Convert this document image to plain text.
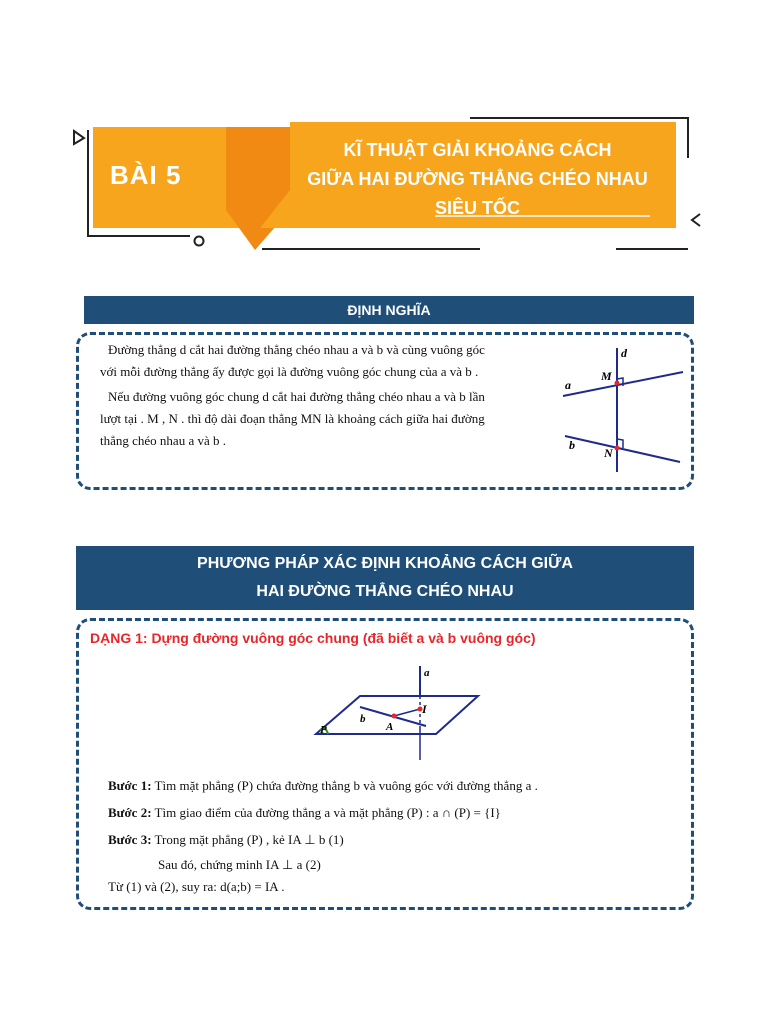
BÀI 5
KĨ THUẬT GIẢI KHOẢNG CÁCH
GIỮA HAI ĐƯỜNG THẲNG CHÉO NHAU
SIÊU TỐC
ĐỊNH NGHĨA
Đường thẳng d cắt hai đường thẳng chéo nhau a và b và cùng vuông góc
với mỗi đường thẳng ấy được gọi là đường vuông góc chung của a và b .
Nếu đường vuông góc chung d cắt hai đường thẳng chéo nhau a và b lần
lượt tại . M , N . thì độ dài đoạn thẳng MN là khoảng cách giữa hai đường
thẳng chéo nhau a và b .
d
a
M
b
N
PHƯƠNG PHÁP XÁC ĐỊNH KHOẢNG CÁCH GIỮA
HAI ĐƯỜNG THẲNG CHÉO NHAU
DẠNG 1: Dựng đường vuông góc chung (đã biết a và b vuông góc)
a
I
b
A
P
Bước 1: Tìm mặt phẳng (P) chứa đường thẳng b và vuông góc với đường thẳng a .
Bước 2: Tìm giao điểm của đường thẳng a và mặt phẳng (P) : a ∩ (P) = {I}
Bước 3: Trong mặt phẳng (P) , kẻ IA ⊥ b (1)
Sau đó, chứng minh IA ⊥ a (2)
Từ (1) và (2), suy ra: d(a;b) = IA .
